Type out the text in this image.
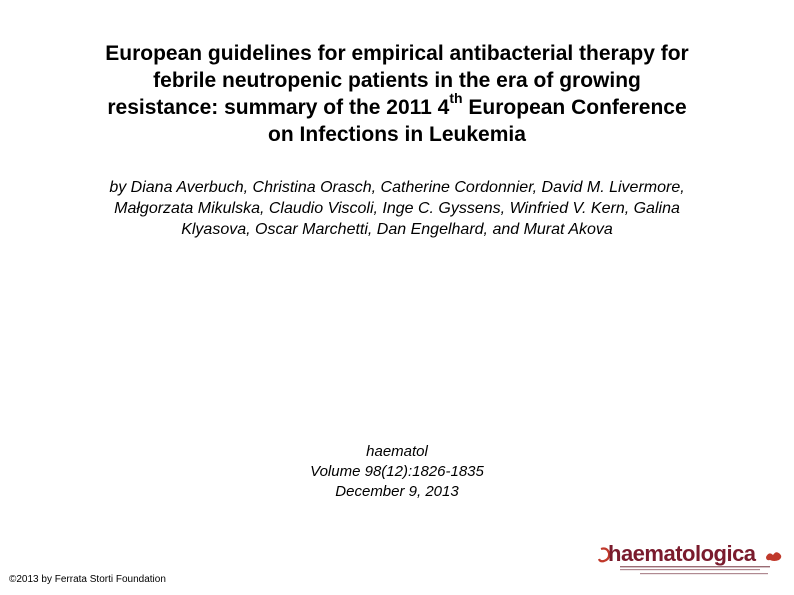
European guidelines for empirical antibacterial therapy for
febrile neutropenic patients in the era of growing
resistance: summary of the 2011 4th European Conference
on Infections in Leukemia
by Diana Averbuch, Christina Orasch, Catherine Cordonnier, David M. Livermore,
Małgorzata Mikulska, Claudio Viscoli, Inge C. Gyssens, Winfried V. Kern, Galina
Klyasova, Oscar Marchetti, Dan Engelhard, and Murat Akova
haematol
Volume 98(12):1826-1835
December 9, 2013
©2013 by Ferrata Storti Foundation
haematologica
